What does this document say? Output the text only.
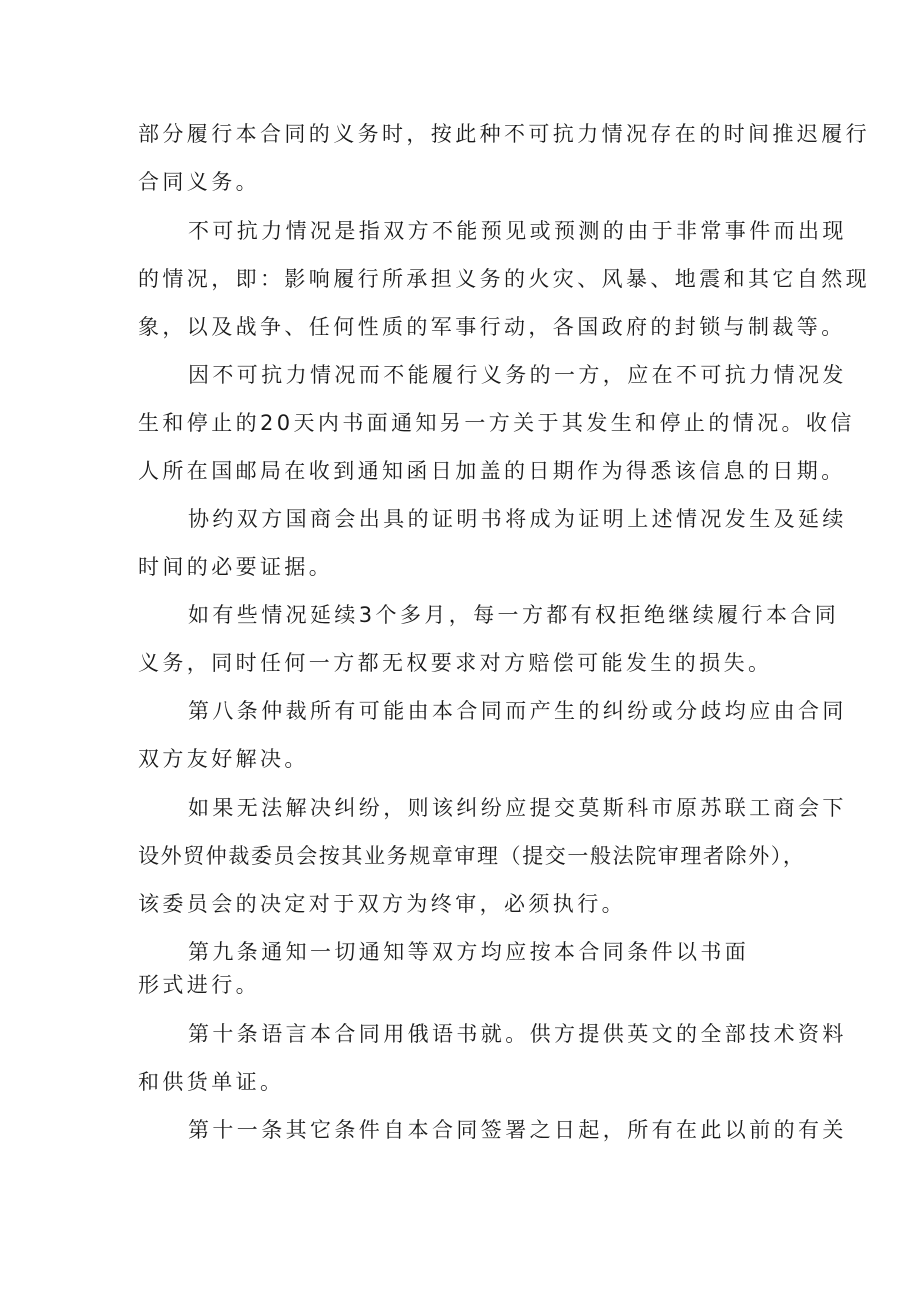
部分履行本合同的义务时，按此种不可抗力情况存在的时间推迟履行
合同义务。
不可抗力情况是指双方不能预见或预测的由于非常事件而出现
的情况，即：影响履行所承担义务的火灾、风暴、地震和其它自然现
象，以及战争、任何性质的军事行动，各国政府的封锁与制裁等。
因不可抗力情况而不能履行义务的一方，应在不可抗力情况发
生和停止的20天内书面通知另一方关于其发生和停止的情况。收信
人所在国邮局在收到通知函日加盖的日期作为得悉该信息的日期。
协约双方国商会出具的证明书将成为证明上述情况发生及延续
时间的必要证据。
如有些情况延续3个多月，每一方都有权拒绝继续履行本合同
义务，同时任何一方都无权要求对方赔偿可能发生的损失。
第八条仲裁所有可能由本合同而产生的纠纷或分歧均应由合同
双方友好解决。
如果无法解决纠纷，则该纠纷应提交莫斯科市原苏联工商会下
设外贸仲裁委员会按其业务规章审理（提交一般法院审理者除外），
该委员会的决定对于双方为终审，必须执行。
第九条通知一切通知等双方均应按本合同条件以书面
形式进行。
第十条语言本合同用俄语书就。供方提供英文的全部技术资料
和供货单证。
第十一条其它条件自本合同签署之日起，所有在此以前的有关
